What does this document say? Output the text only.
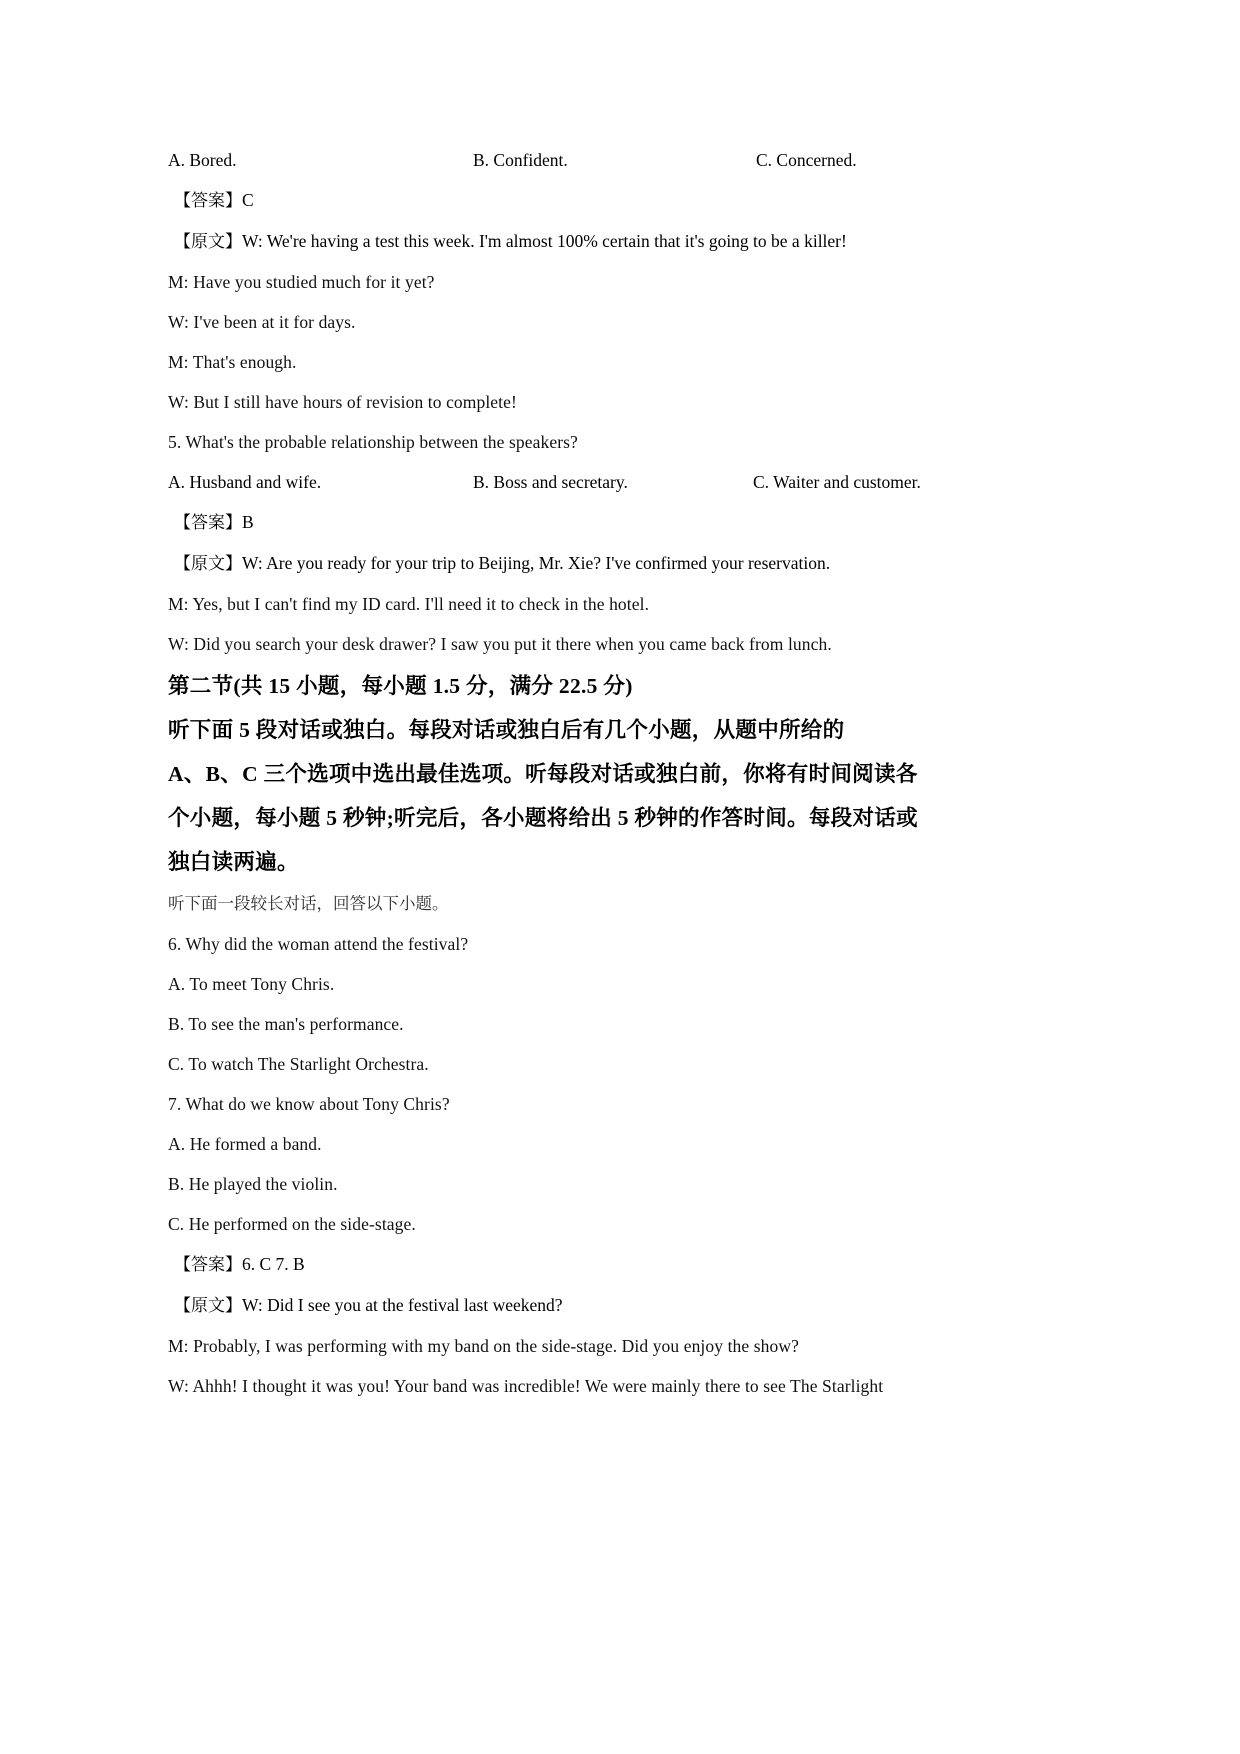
A. Bored.	B. Confident.	C. Concerned.
【答案】C
【原文】W: We're having a test this week. I'm almost 100% certain that it's going to be a killer!
M: Have you studied much for it yet?
W: I've been at it for days.
M: That's enough.
W: But I still have hours of revision to complete!
5. What's the probable relationship between the speakers?
A. Husband and wife.	B. Boss and secretary.	C. Waiter and customer.
【答案】B
【原文】W: Are you ready for your trip to Beijing, Mr. Xie? I've confirmed your reservation.
M: Yes, but I can't find my ID card. I'll need it to check in the hotel.
W: Did you search your desk drawer? I saw you put it there when you came back from lunch.
第二节(共 15 小题，每小题 1.5 分，满分 22.5 分)
听下面 5 段对话或独白。每段对话或独白后有几个小题，从题中所给的
A、B、C 三个选项中选出最佳选项。听每段对话或独白前，你将有时间阅读各
个小题，每小题 5 秒钟;听完后，各小题将给出 5 秒钟的作答时间。每段对话或
独白读两遍。
听下面一段较长对话，回答以下小题。
6. Why did the woman attend the festival?
A. To meet Tony Chris.
B. To see the man's performance.
C. To watch The Starlight Orchestra.
7. What do we know about Tony Chris?
A. He formed a band.
B. He played the violin.
C. He performed on the side-stage.
【答案】6. C 7. B
【原文】W: Did I see you at the festival last weekend?
M: Probably, I was performing with my band on the side-stage. Did you enjoy the show?
W: Ahhh! I thought it was you! Your band was incredible! We were mainly there to see The Starlight
